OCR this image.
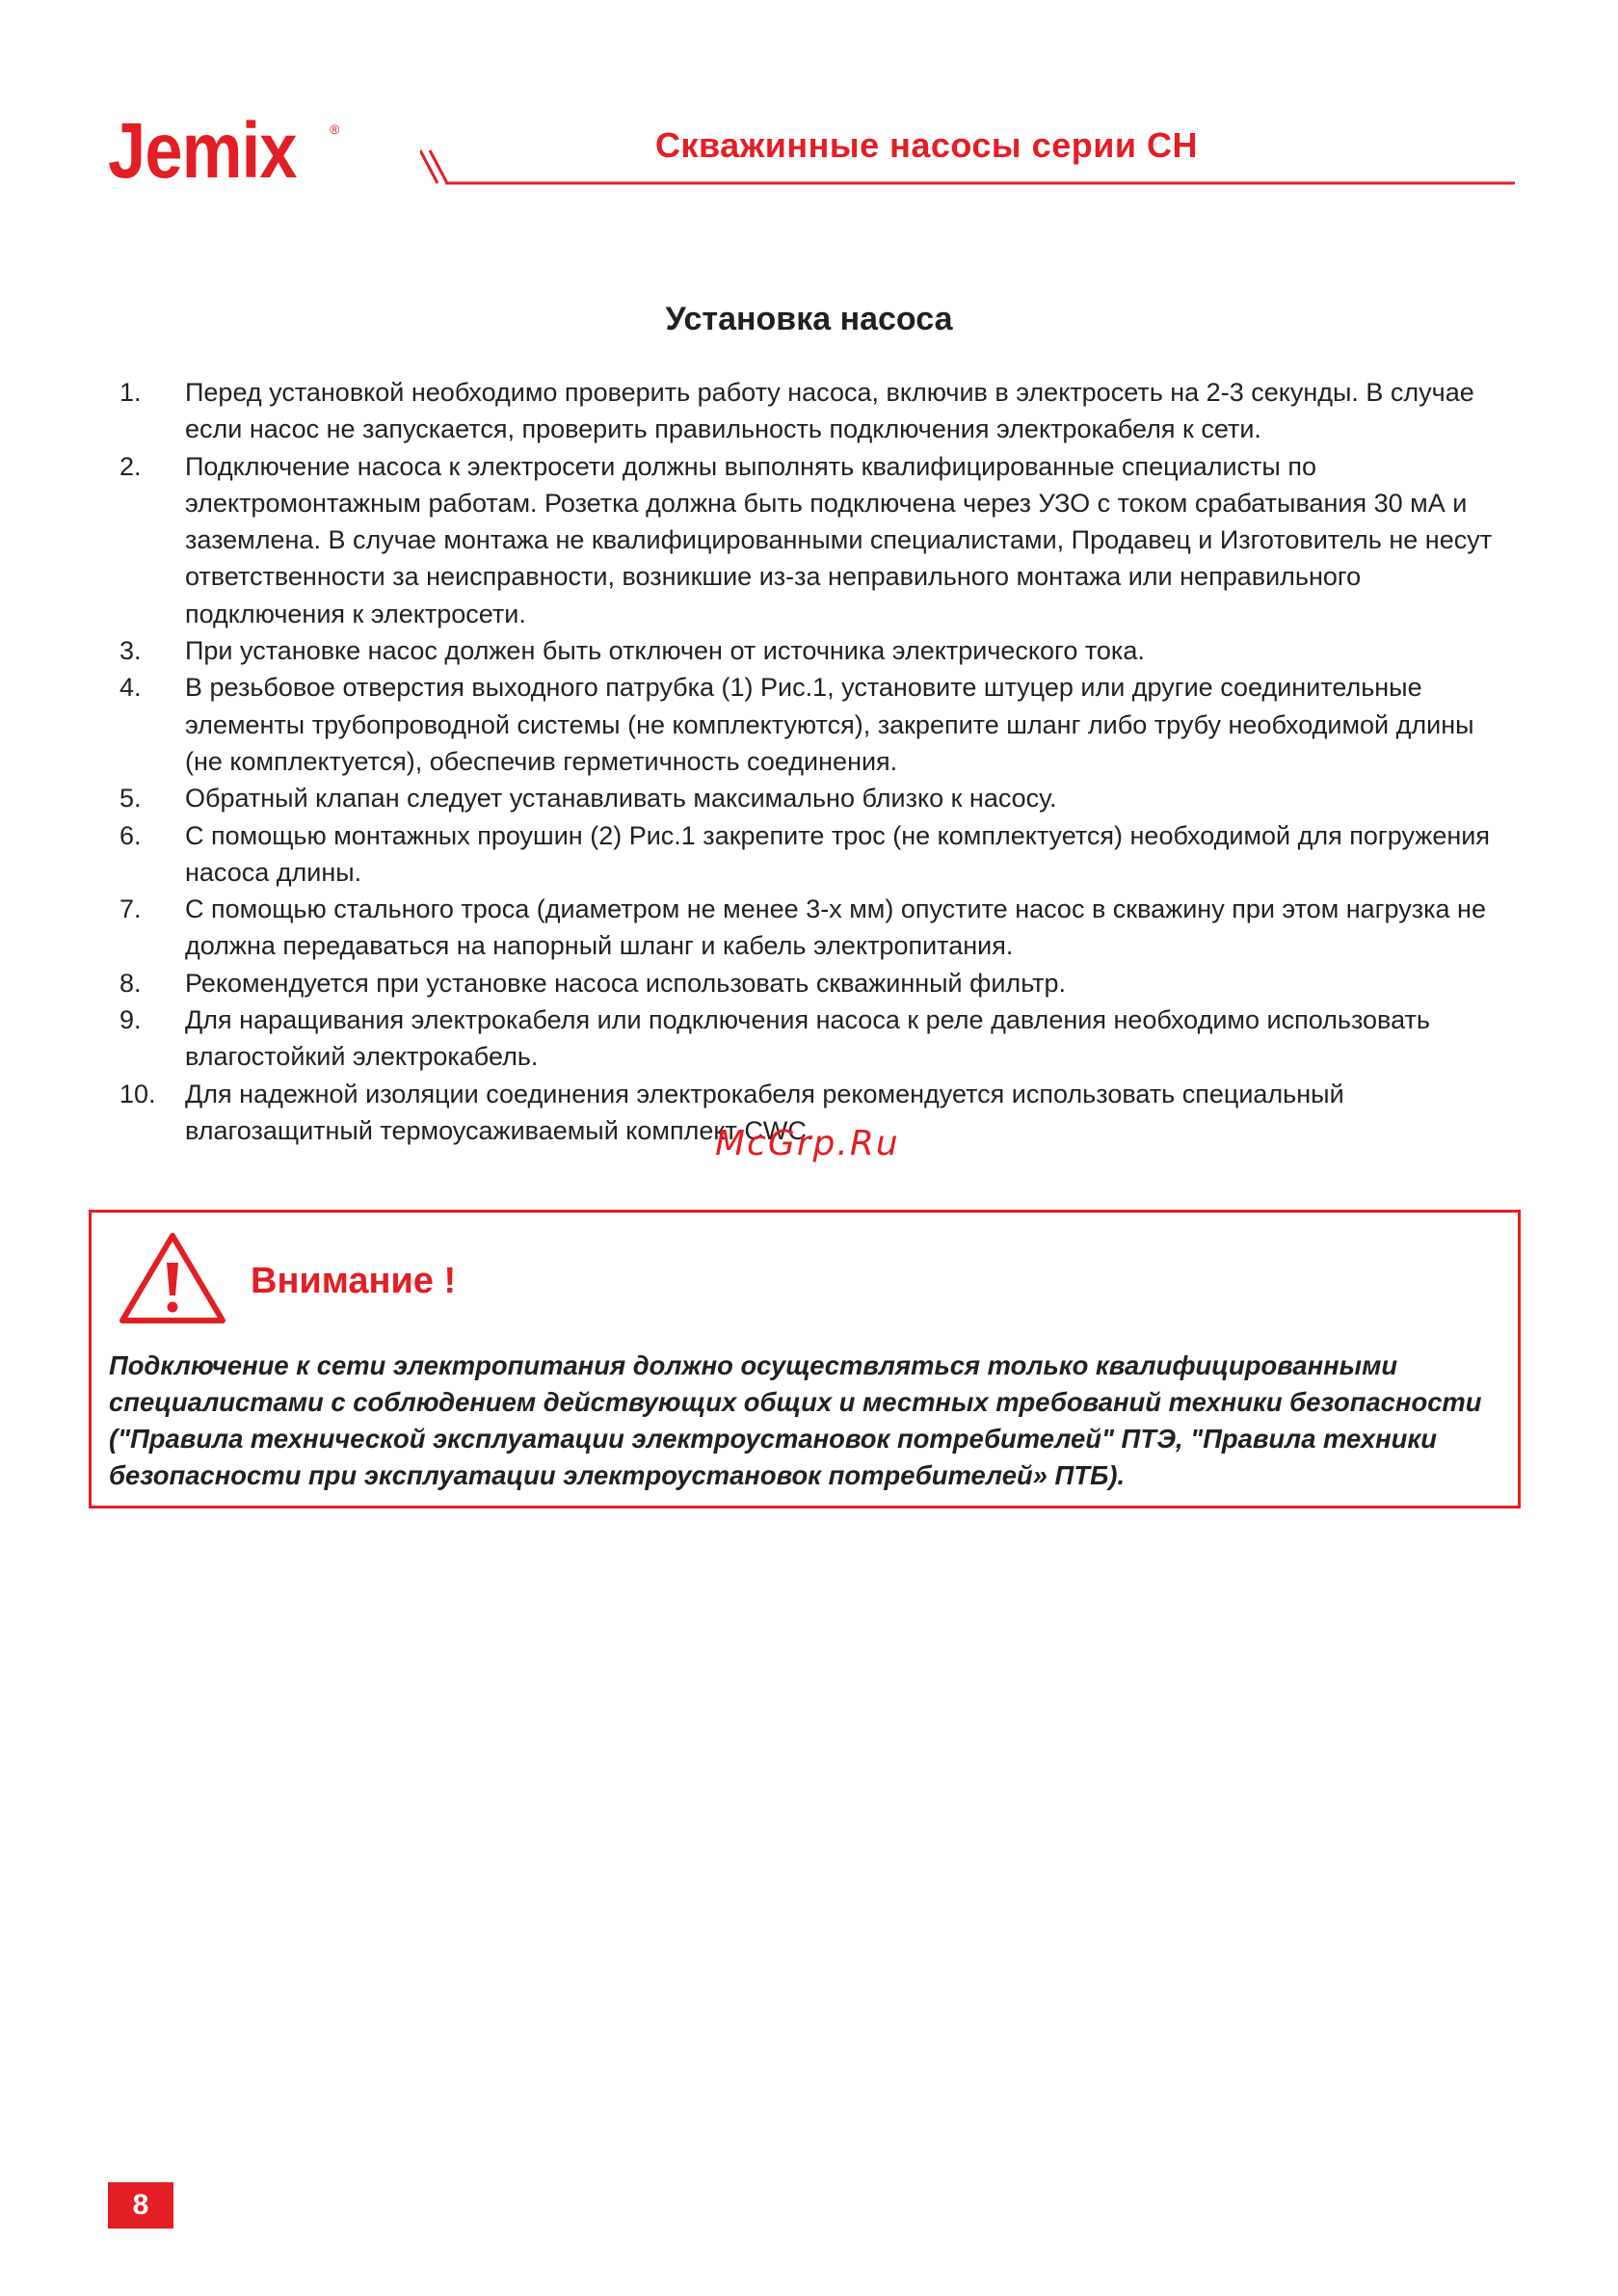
Jemix ®	Скважинные насосы серии CH
Установка насоса
1.	Перед установкой необходимо проверить работу насоса, включив в электросеть на 2-3 секунды. В случае если насос не запускается, проверить правильность подключения электрокабеля к сети.
2.	Подключение насоса к электросети должны выполнять квалифицированные специалисты по электромонтажным работам. Розетка должна быть подключена через УЗО с током срабатывания 30 мА и заземлена. В случае монтажа не квалифицированными специалистами, Продавец и Изготовитель не несут ответственности за неисправности, возникшие из-за неправильного монтажа или неправильного подключения к электросети.
3.	При установке насос должен быть отключен от источника электрического тока.
4.	В резьбовое отверстия выходного патрубка (1) Рис.1, установите штуцер или другие соединительные элементы трубопроводной системы (не комплектуются), закрепите шланг либо трубу необходимой длины (не комплектуется), обеспечив герметичность соединения.
5.	Обратный клапан следует устанавливать максимально близко к насосу.
6.	С помощью монтажных проушин (2) Рис.1 закрепите трос (не комплектуется) необходимой для погружения насоса длины.
7.	С помощью стального троса (диаметром не менее 3-х мм) опустите насос в скважину при этом нагрузка не должна передаваться на напорный шланг и кабель электропитания.
8.	Рекомендуется при установке насоса использовать скважинный фильтр.
9.	Для наращивания электрокабеля или подключения насоса к реле давления необходимо использовать влагостойкий электрокабель.
10.	Для надежной изоляции соединения электрокабеля рекомендуется использовать специальный влагозащитный термоусаживаемый комплект CWC.
McGrp.Ru
Внимание !
Подключение к сети электропитания должно осуществляться только квалифицированными специалистами с соблюдением действующих общих и местных требований техники безопасности ("Правила технической эксплуатации электроустановок потребителей" ПТЭ, "Правила техники безопасности при эксплуатации электроустановок потребителей» ПТБ).
8
